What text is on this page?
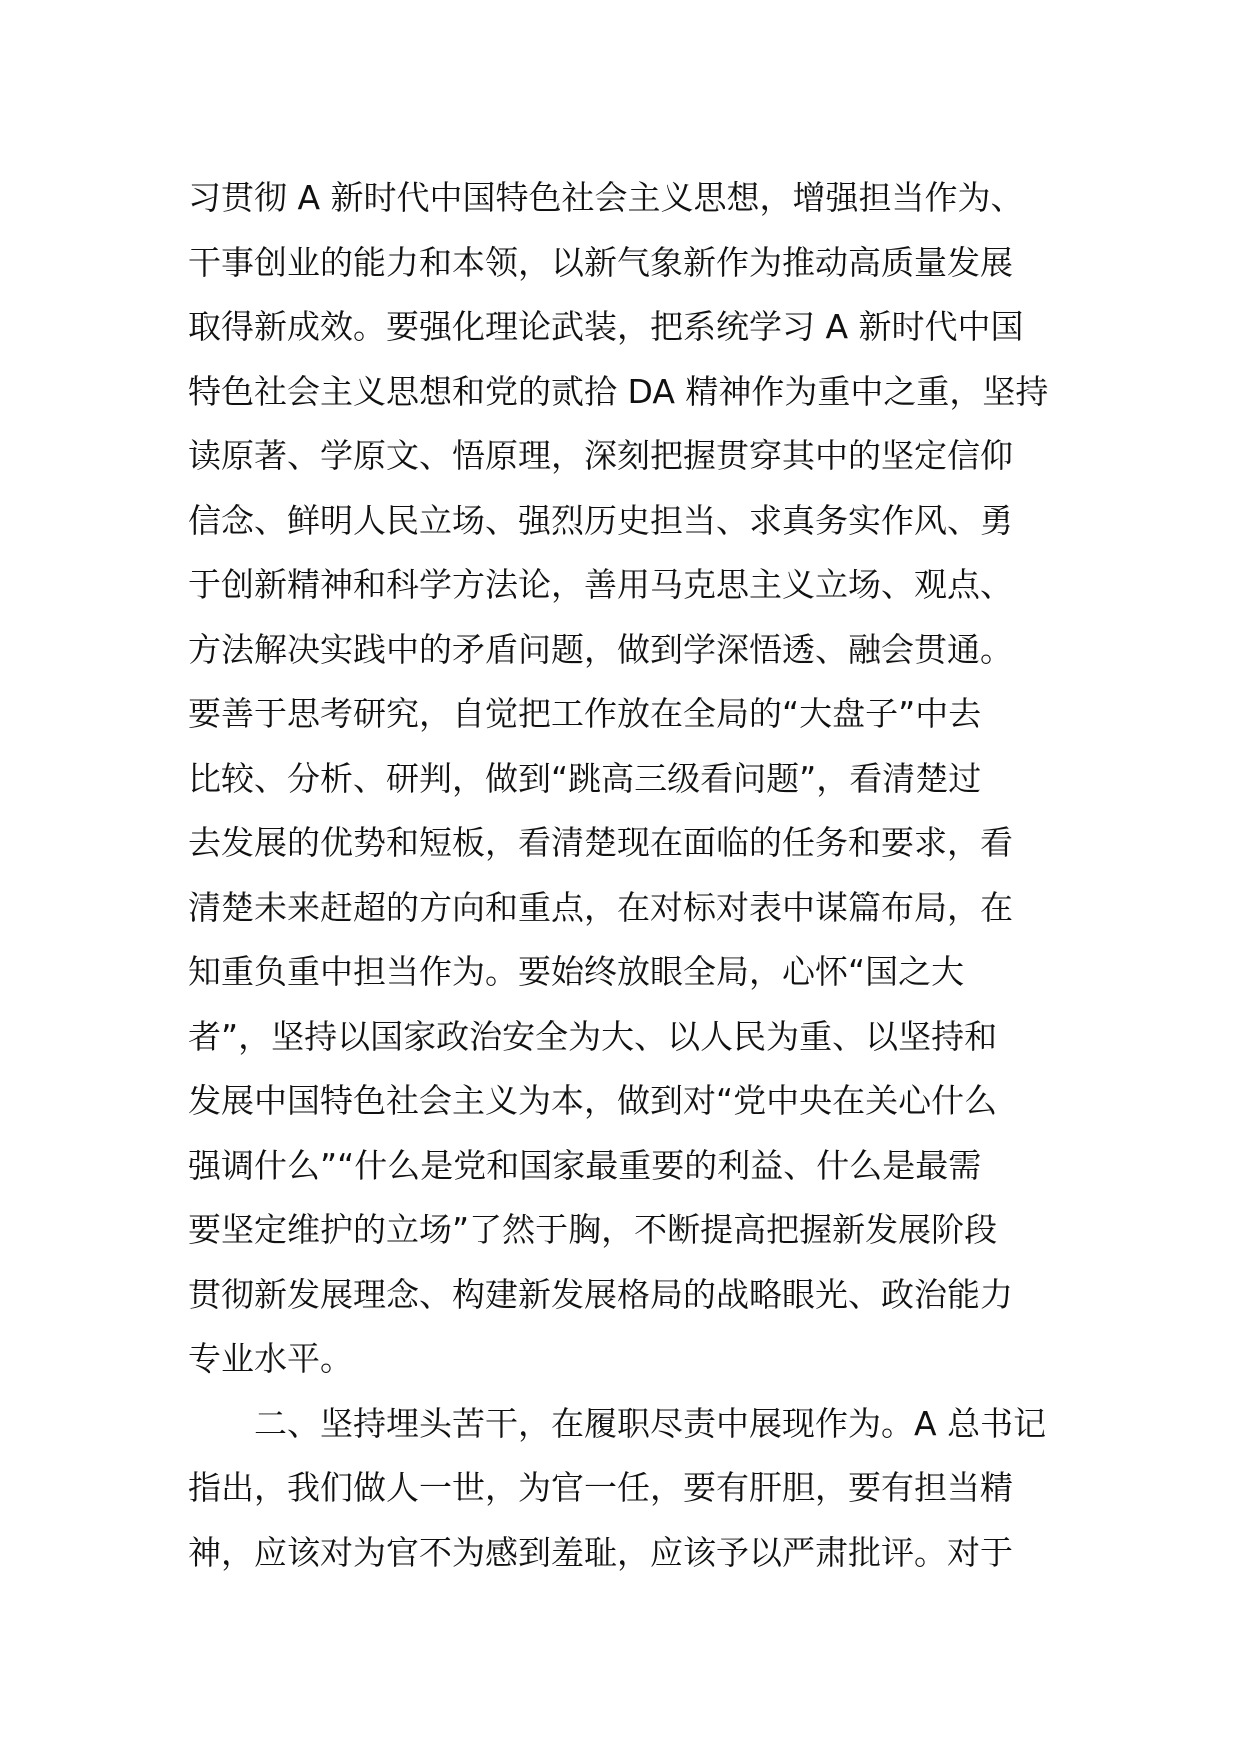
习贯彻 A 新时代中国特色社会主义思想，增强担当作为、
干事创业的能力和本领，以新气象新作为推动高质量发展
取得新成效。要强化理论武装，把系统学习 A 新时代中国
特色社会主义思想和党的贰拾 DA 精神作为重中之重，坚持
读原著、学原文、悟原理，深刻把握贯穿其中的坚定信仰
信念、鲜明人民立场、强烈历史担当、求真务实作风、勇
于创新精神和科学方法论，善用马克思主义立场、观点、
方法解决实践中的矛盾问题，做到学深悟透、融会贯通。
要善于思考研究，自觉把工作放在全局的“大盘子”中去
比较、分析、研判，做到“跳高三级看问题”，看清楚过
去发展的优势和短板，看清楚现在面临的任务和要求，看
清楚未来赶超的方向和重点，在对标对表中谋篇布局，在
知重负重中担当作为。要始终放眼全局，心怀“国之大
者”，坚持以国家政治安全为大、以人民为重、以坚持和
发展中国特色社会主义为本，做到对“党中央在关心什么
强调什么”“什么是党和国家最重要的利益、什么是最需
要坚定维护的立场”了然于胸，不断提高把握新发展阶段
贯彻新发展理念、构建新发展格局的战略眼光、政治能力
专业水平。
二、坚持埋头苦干，在履职尽责中展现作为。A 总书记
指出，我们做人一世，为官一任，要有肝胆，要有担当精
神，应该对为官不为感到羞耻，应该予以严肃批评。对于
